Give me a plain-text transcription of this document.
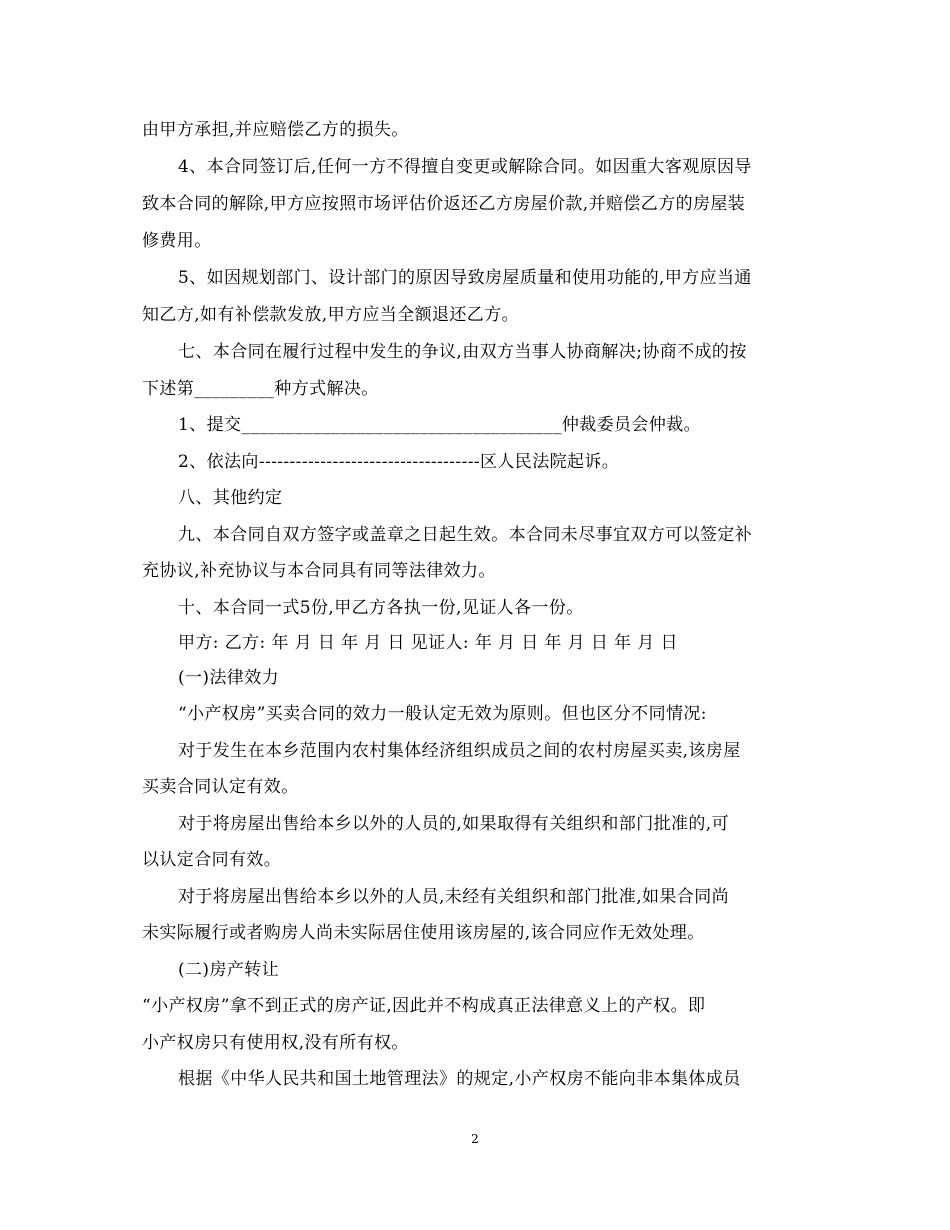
由甲方承担,并应赔偿乙方的损失。
4、本合同签订后,任何一方不得擅自变更或解除合同。如因重大客观原因导
致本合同的解除,甲方应按照市场评估价返还乙方房屋价款,并赔偿乙方的房屋装
修费用。
5、如因规划部门、设计部门的原因导致房屋质量和使用功能的,甲方应当通
知乙方,如有补偿款发放,甲方应当全额退还乙方。
七、本合同在履行过程中发生的争议,由双方当事人协商解决;协商不成的按
下述第_________种方式解决。
1、提交____________________________________仲裁委员会仲裁。
2、依法向------------------------------------区人民法院起诉。
八、其他约定
九、本合同自双方签字或盖章之日起生效。本合同未尽事宜双方可以签定补
充协议,补充协议与本合同具有同等法律效力。
十、本合同一式5份,甲乙方各执一份,见证人各一份。
甲方: 乙方: 年 月 日 年 月 日 见证人: 年 月 日 年 月 日 年 月 日
(一)法律效力
“小产权房”买卖合同的效力一般认定无效为原则。但也区分不同情况:
对于发生在本乡范围内农村集体经济组织成员之间的农村房屋买卖,该房屋
买卖合同认定有效。
对于将房屋出售给本乡以外的人员的,如果取得有关组织和部门批准的,可
以认定合同有效。
对于将房屋出售给本乡以外的人员,未经有关组织和部门批准,如果合同尚
未实际履行或者购房人尚未实际居住使用该房屋的,该合同应作无效处理。
(二)房产转让
“小产权房”拿不到正式的房产证,因此并不构成真正法律意义上的产权。即
小产权房只有使用权,没有所有权。
根据《中华人民共和国土地管理法》的规定,小产权房不能向非本集体成员
2
